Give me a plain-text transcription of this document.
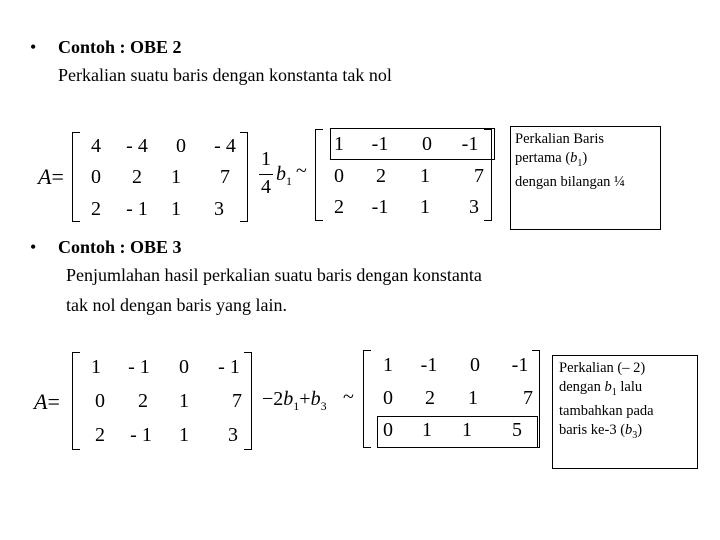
• Contoh : OBE 2
Perkalian suatu baris dengan konstanta tak nol
A=
4	- 4	0	- 4
0	2	1	7
2	- 1	1	3
1
4
$b_1$ ~
1	-1	0	-1
0	2	1	7
2	-1	1	3
Perkalian Baris
pertama $(b_1)$
dengan bilangan ¼
• Contoh : OBE 3
Penjumlahan hasil perkalian suatu baris dengan konstanta
tak nol dengan baris yang lain.
A=
1	- 1	0	- 1
0	2	1	7
2	- 1	1	3
$-2b_1+b_3$ ~
1	-1	0	-1
0	2	1	7
0	1	1	5
Perkalian (– 2)
dengan $b_1$ lalu
tambahkan pada
baris ke-3 $(b_3)$
